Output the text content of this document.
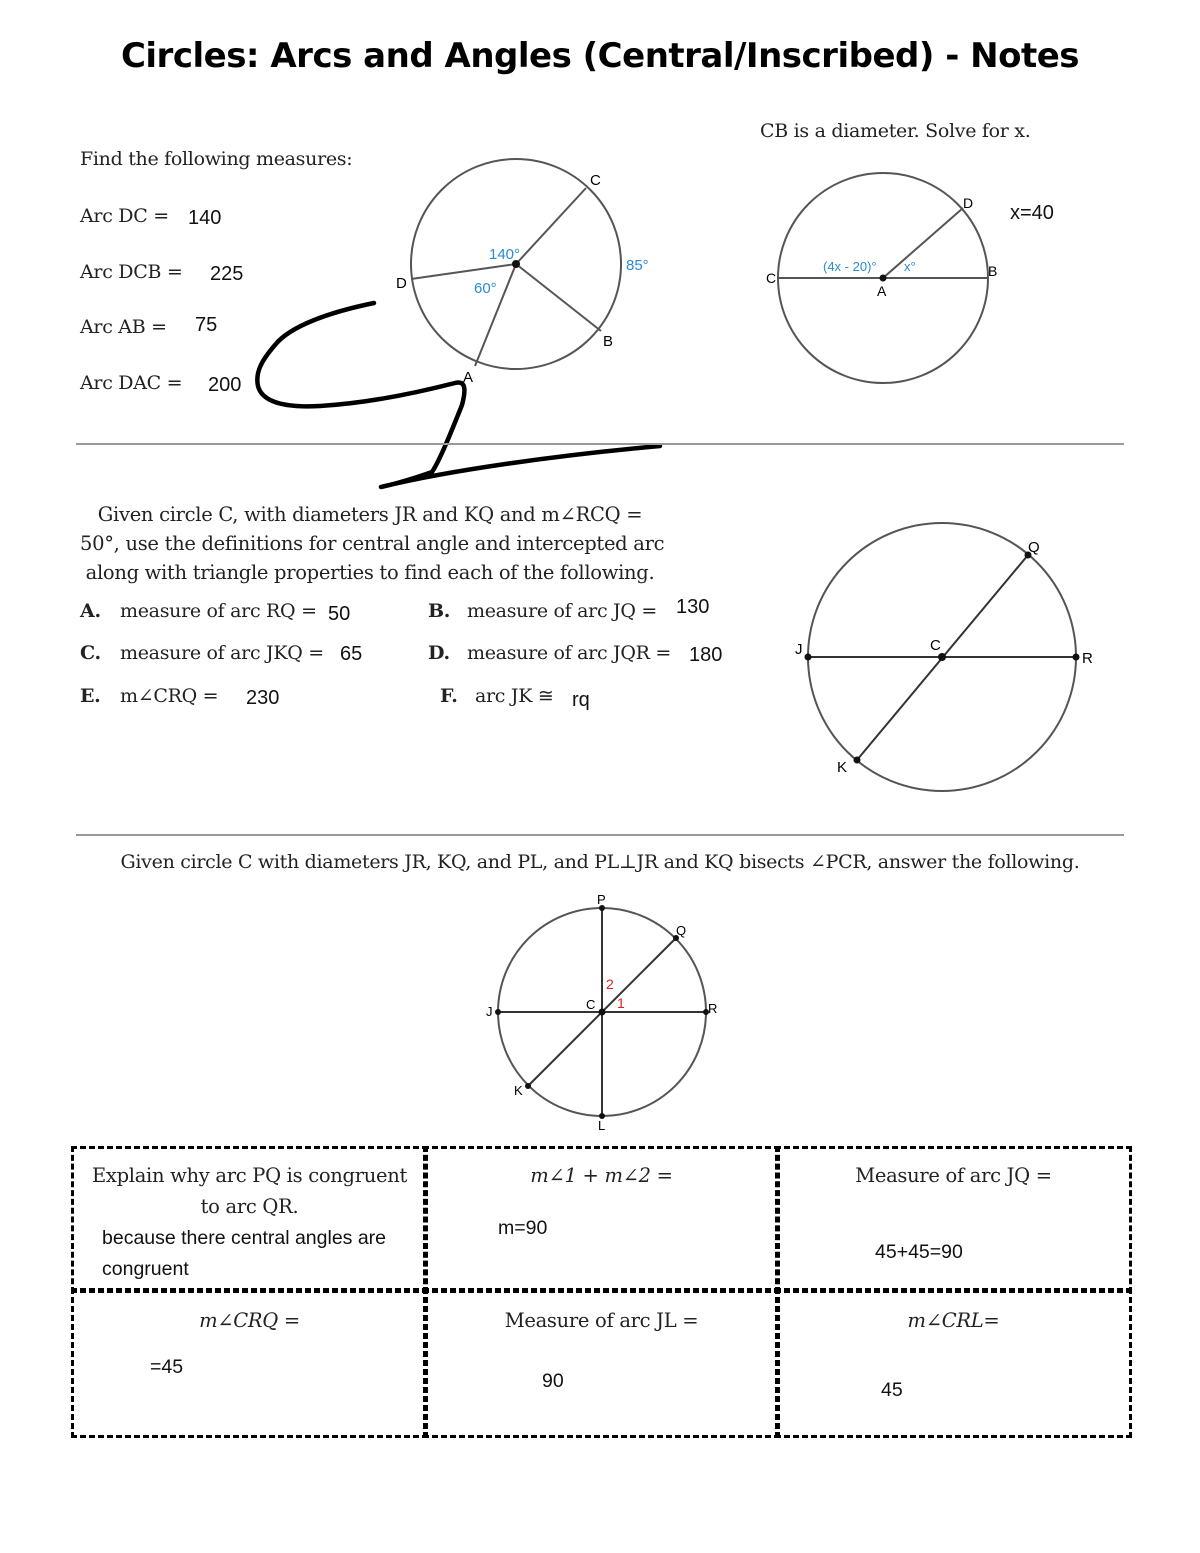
Circles: Arcs and Angles (Central/Inscribed) - Notes
Find the following measures:
Arc DC = 140
Arc DCB = 225
Arc AB = 75
Arc DAC = 200
C
D
B
A
140°
85°
60°
CB is a diameter. Solve for x.
x=40
C
D
B
A
(4x - 20)° x°
Given circle C, with diameters JR and KQ and m∠RCQ =
50°, use the definitions for central angle and intercepted arc
along with triangle properties to find each of the following.
A. measure of arc RQ = 50	B. measure of arc JQ = 130
C. measure of arc JKQ = 65	D. measure of arc JQR = 180
E. m∠CRQ = 230	F. arc JK ≅ rq
Q
J	C
R
K
Given circle C with diameters JR, KQ, and PL, and PL⊥JR and KQ bisects ∠PCR, answer the following.
P
Q
J	C	R
K
L
2
1
Explain why arc PQ is congruent
to arc QR.
because there central angles are
congruent
m∠1 + m∠2 =
m=90
Measure of arc JQ =
45+45=90
m∠CRQ =
=45
Measure of arc JL =
90
m∠CRL=
45
